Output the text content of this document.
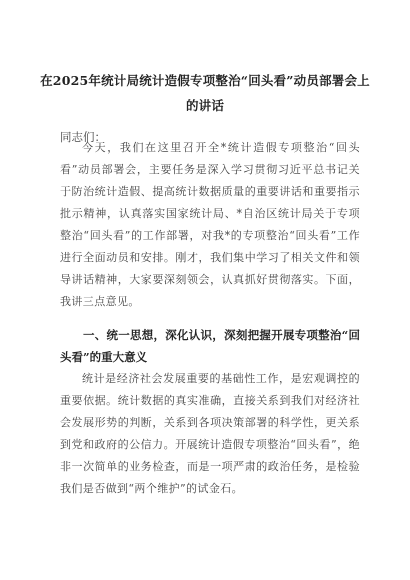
在2025年统计局统计造假专项整治“回头看”动员部署会上的讲话
同志们：

今天，我们在这里召开全*统计造假专项整治“回头看”动员部署会，主要任务是深入学习贯彻习近平总书记关于防治统计造假、提高统计数据质量的重要讲话和重要指示批示精神，认真落实国家统计局、*自治区统计局关于专项整治“回头看”的工作部署，对我*的专项整治“回头看”工作进行全面动员和安排。刚才，我们集中学习了相关文件和领导讲话精神，大家要深刻领会，认真抓好贯彻落实。下面，我讲三点意见。

一、统一思想，深化认识，深刻把握开展专项整治“回头看”的重大意义

统计是经济社会发展重要的基础性工作，是宏观调控的重要依据。统计数据的真实准确，直接关系到我们对经济社会发展形势的判断，关系到各项决策部署的科学性，更关系到党和政府的公信力。开展统计造假专项整治“回头看”，绝非一次简单的业务检查，而是一项严肃的政治任务，是检验我们是否做到“两个维护”的试金石。
